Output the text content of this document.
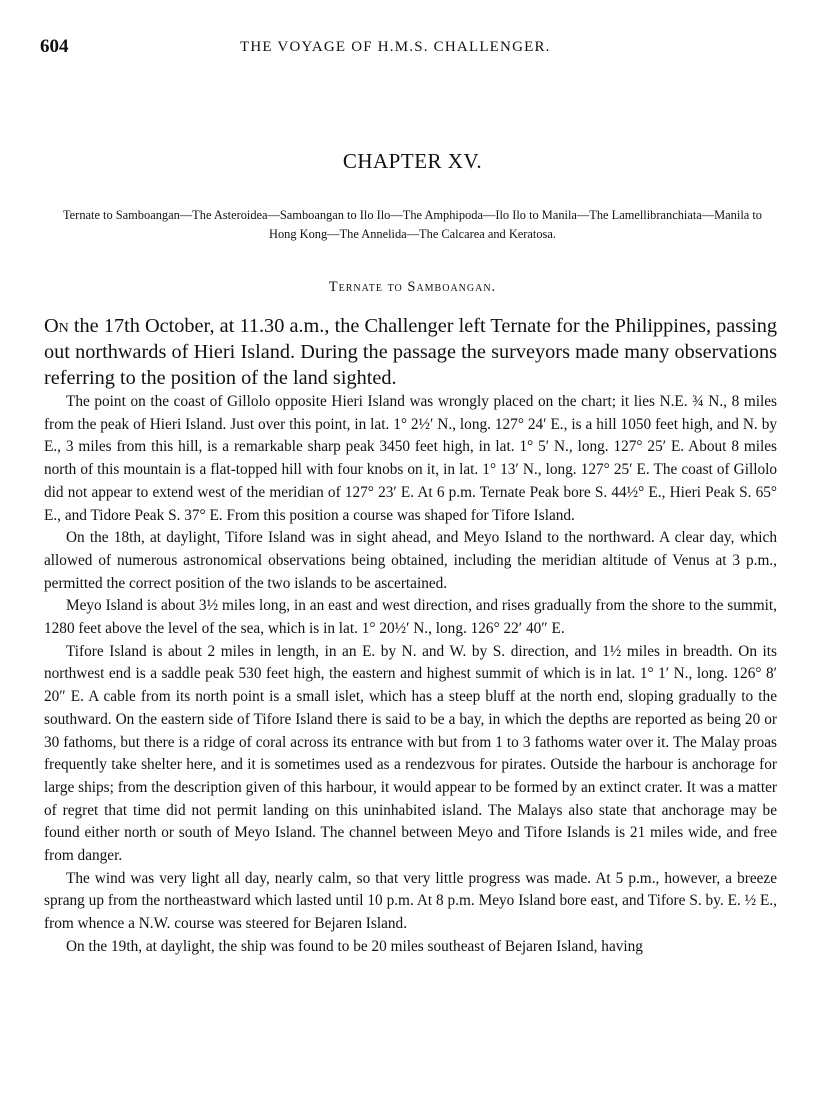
604	THE VOYAGE OF H.M.S. CHALLENGER.
CHAPTER XV.
Ternate to Samboangan—The Asteroidea—Samboangan to Ilo Ilo—The Amphipoda—Ilo Ilo to Manila—The Lamellibranchiata—Manila to Hong Kong—The Annelida—The Calcarea and Keratosa.
Ternate to Samboangan.

On the 17th October, at 11.30 a.m., the Challenger left Ternate for the Philippines, passing out northwards of Hieri Island. During the passage the surveyors made many observations referring to the position of the land sighted.

The point on the coast of Gillolo opposite Hieri Island was wrongly placed on the chart; it lies N.E. ¾ N., 8 miles from the peak of Hieri Island. Just over this point, in lat. 1° 2½′ N., long. 127° 24′ E., is a hill 1050 feet high, and N. by E., 3 miles from this hill, is a remarkable sharp peak 3450 feet high, in lat. 1° 5′ N., long. 127° 25′ E. About 8 miles north of this mountain is a flat-topped hill with four knobs on it, in lat. 1° 13′ N., long. 127° 25′ E. The coast of Gillolo did not appear to extend west of the meridian of 127° 23′ E. At 6 p.m. Ternate Peak bore S. 44½° E., Hieri Peak S. 65° E., and Tidore Peak S. 37° E. From this position a course was shaped for Tifore Island.

On the 18th, at daylight, Tifore Island was in sight ahead, and Meyo Island to the northward. A clear day, which allowed of numerous astronomical observations being obtained, including the meridian altitude of Venus at 3 p.m., permitted the correct position of the two islands to be ascertained.

Meyo Island is about 3½ miles long, in an east and west direction, and rises gradually from the shore to the summit, 1280 feet above the level of the sea, which is in lat. 1° 20½′ N., long. 126° 22′ 40″ E.

Tifore Island is about 2 miles in length, in an E. by N. and W. by S. direction, and 1½ miles in breadth. On its northwest end is a saddle peak 530 feet high, the eastern and highest summit of which is in lat. 1° 1′ N., long. 126° 8′ 20″ E. A cable from its north point is a small islet, which has a steep bluff at the north end, sloping gradually to the southward. On the eastern side of Tifore Island there is said to be a bay, in which the depths are reported as being 20 or 30 fathoms, but there is a ridge of coral across its entrance with but from 1 to 3 fathoms water over it. The Malay proas frequently take shelter here, and it is sometimes used as a rendezvous for pirates. Outside the harbour is anchorage for large ships; from the description given of this harbour, it would appear to be formed by an extinct crater. It was a matter of regret that time did not permit landing on this uninhabited island. The Malays also state that anchorage may be found either north or south of Meyo Island. The channel between Meyo and Tifore Islands is 21 miles wide, and free from danger.

The wind was very light all day, nearly calm, so that very little progress was made. At 5 p.m., however, a breeze sprang up from the northeastward which lasted until 10 p.m. At 8 p.m. Meyo Island bore east, and Tifore S. by. E. ½ E., from whence a N.W. course was steered for Bejaren Island.

On the 19th, at daylight, the ship was found to be 20 miles southeast of Bejaren Island, having
